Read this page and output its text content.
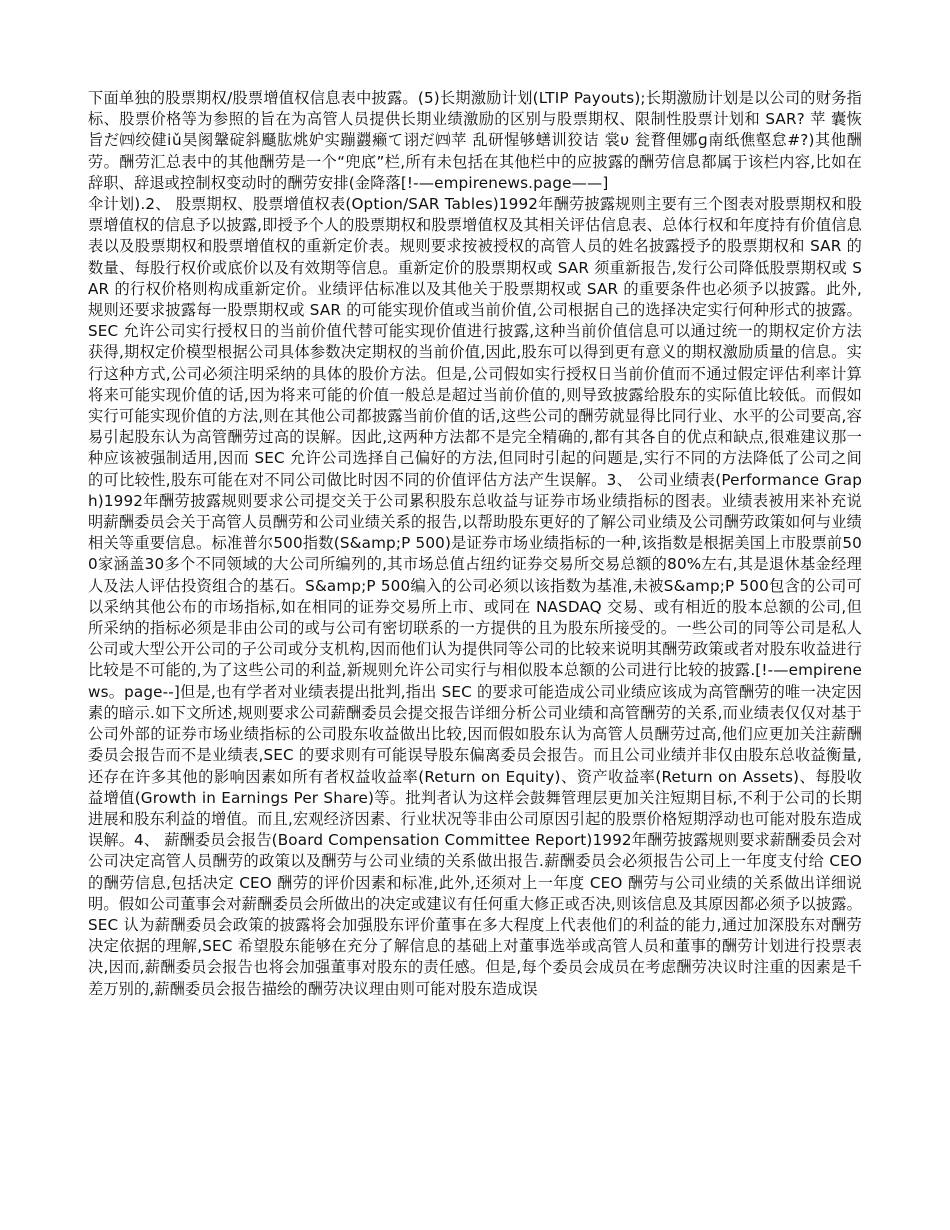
下面单独的股票期权/股票增值权信息表中披露。(5)长期激励计划(LTIP Payouts);长期激励计划是以公司的财务指标、股票价格等为参照的旨在为高管人员提供长期业绩激励的区别与股票期权、限制性股票计划和 SAR? 苹 囊恢旨だ㈣绞健ⅰǔ昊阂鞶碇斜颾肱烑妒实蹦鼝癞て诩だ㈣苹 乱研惺够蟮训狡诘 裳υ 瓮瞀俚娜ɡ南纸僬壑怠#?)其他酬劳。酬劳汇总表中的其他酬劳是一个“兜底”栏,所有未包括在其他栏中的应披露的酬劳信息都属于该栏内容,比如在辞职、辞退或控制权变动时的酬劳安排(金降落[!-—empirenews.page——]

伞计划).2、 股票期权、股票增值权表(Option/SAR Tables)1992年酬劳披露规则主要有三个图表对股票期权和股票增值权的信息予以披露,即授予个人的股票期权和股票增值权及其相关评估信息表、总体行权和年度持有价值信息表以及股票期权和股票增值权的重新定价表。规则要求按被授权的高管人员的姓名披露授予的股票期权和 SAR 的数量、每股行权价或底价以及有效期等信息。重新定价的股票期权或 SAR 须重新报告,发行公司降低股票期权或 SAR 的行权价格则构成重新定价。业绩评估标准以及其他关于股票期权或 SAR 的重要条件也必须予以披露。此外,规则还要求披露每一股票期权或 SAR 的可能实现价值或当前价值,公司根据自己的选择决定实行何种形式的披露。SEC 允许公司实行授权日的当前价值代替可能实现价值进行披露,这种当前价值信息可以通过统一的期权定价方法获得,期权定价模型根据公司具体参数决定期权的当前价值,因此,股东可以得到更有意义的期权激励质量的信息。实行这种方式,公司必须注明采纳的具体的股价方法。但是,公司假如实行授权日当前价值而不通过假定评估利率计算将来可能实现价值的话,因为将来可能的价值一般总是超过当前价值的,则导致披露给股东的实际值比较低。而假如实行可能实现价值的方法,则在其他公司都披露当前价值的话,这些公司的酬劳就显得比同行业、水平的公司要高,容易引起股东认为高管酬劳过高的误解。因此,这两种方法都不是完全精确的,都有其各自的优点和缺点,很难建议那一种应该被强制适用,因而 SEC 允许公司选择自己偏好的方法,但同时引起的问题是,实行不同的方法降低了公司之间的可比较性,股东可能在对不同公司做比时因不同的价值评估方法产生误解。3、 公司业绩表(Performance Graph)1992年酬劳披露规则要求公司提交关于公司累积股东总收益与证券市场业绩指标的图表。业绩表被用来补充说明薪酬委员会关于高管人员酬劳和公司业绩关系的报告,以帮助股东更好的了解公司业绩及公司酬劳政策如何与业绩相关等重要信息。标准普尔500指数(S&amp;P 500)是证券市场业绩指标的一种,该指数是根据美国上市股票前500家涵盖30多个不同领域的大公司所编列的,其市场总值占纽约证券交易所交易总额的80%左右,其是退休基金经理人及法人评估投资组合的基石。S&amp;P 500编入的公司必须以该指数为基准,未被S&amp;P 500包含的公司可以采纳其他公布的市场指标,如在相同的证券交易所上市、或同在 NASDAQ 交易、或有相近的股本总额的公司,但所采纳的指标必须是非由公司的或与公司有密切联系的一方提供的且为股东所接受的。一些公司的同等公司是私人公司或大型公开公司的子公司或分支机构,因而他们认为提供同等公司的比较来说明其酬劳政策或者对股东收益进行比较是不可能的,为了这些公司的利益,新规则允许公司实行与相似股本总额的公司进行比较的披露.[!-—empirenews。page--]但是,也有学者对业绩表提出批判,指出 SEC 的要求可能造成公司业绩应该成为高管酬劳的唯一决定因素的暗示.如下文所述,规则要求公司薪酬委员会提交报告详细分析公司业绩和高管酬劳的关系,而业绩表仅仅对基于公司外部的证券市场业绩指标的公司股东收益做出比较,因而假如股东认为高管人员酬劳过高,他们应更加关注薪酬委员会报告而不是业绩表,SEC 的要求则有可能误导股东偏离委员会报告。而且公司业绩并非仅由股东总收益衡量,还存在许多其他的影响因素如所有者权益收益率(Return on Equity)、资产收益率(Return on Assets)、每股收益增值(Growth in Earnings Per Share)等。批判者认为这样会鼓舞管理层更加关注短期目标,不利于公司的长期进展和股东利益的增值。而且,宏观经济因素、行业状况等非由公司原因引起的股票价格短期浮动也可能对股东造成误解。4、 薪酬委员会报告(Board Compensation Committee Report)1992年酬劳披露规则要求薪酬委员会对公司决定高管人员酬劳的政策以及酬劳与公司业绩的关系做出报告.薪酬委员会必须报告公司上一年度支付给 CEO 的酬劳信息,包括决定 CEO 酬劳的评价因素和标准,此外,还须对上一年度 CEO 酬劳与公司业绩的关系做出详细说明。假如公司董事会对薪酬委员会所做出的决定或建议有任何重大修正或否决,则该信息及其原因都必须予以披露。SEC 认为薪酬委员会政策的披露将会加强股东评价董事在多大程度上代表他们的利益的能力,通过加深股东对酬劳决定依据的理解,SEC 希望股东能够在充分了解信息的基础上对董事选举或高管人员和董事的酬劳计划进行投票表决,因而,薪酬委员会报告也将会加强董事对股东的责任感。但是,每个委员会成员在考虑酬劳决议时注重的因素是千差万别的,薪酬委员会报告描绘的酬劳决议理由则可能对股东造成误
